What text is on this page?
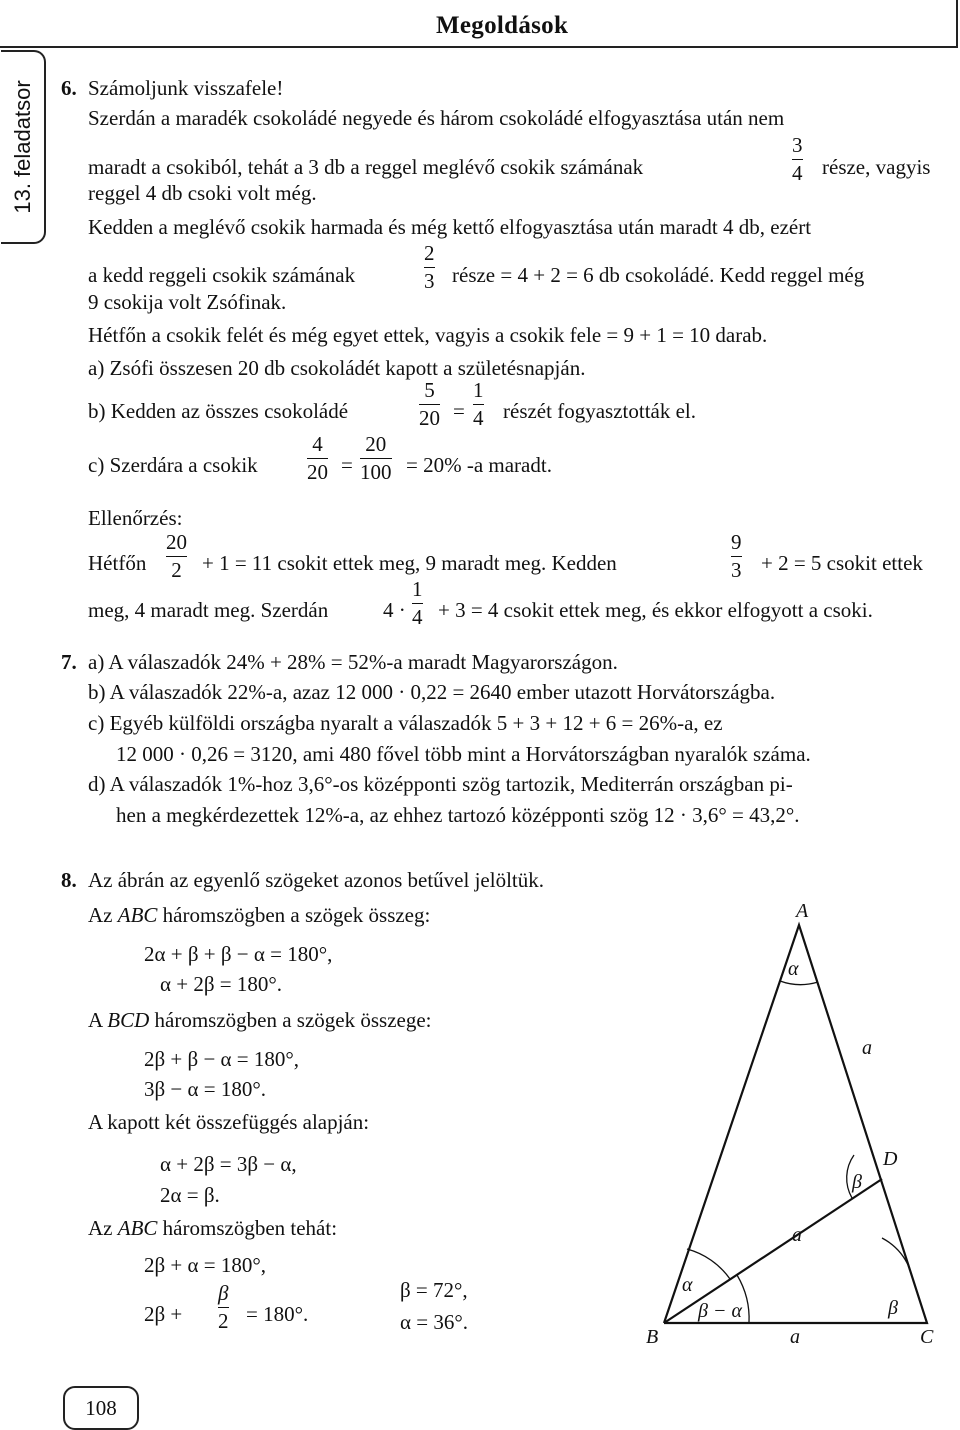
Megoldások
13. feladatsor 6. Számoljunk visszafele!
Szerdán a maradék csokoládé negyede és három csokoládé elfogyasztása után nem
maradt a csokiból, tehát a 3 db a reggel meglévő csokik számának
3
4 része, vagyis
reggel 4 db csoki volt még.
Kedden a meglévő csokik harmada és még kettő elfogyasztása után maradt 4 db, ezért
a kedd reggeli csokik számának
2
3 része = 4 + 2 = 6 db csokoládé. Kedd reggel még
9 csokija volt Zsófinak.
Hétfőn a csokik felét és még egyet ettek, vagyis a csokik fele = 9 + 1 = 10 darab.
a) Zsófi összesen 20 db csokoládét kapott a születésnapján.
b) Kedden az összes csokoládé
5
20 =
1
4 részét fogyasztották el.
c) Szerdára a csokik
4
20 =
20
100 = 20% -a maradt.
Ellenőrzés:
Hétfőn
20
2 + 1 = 11 csokit ettek meg, 9 maradt meg. Kedden
9
3 + 2 = 5 csokit ettek
meg, 4 maradt meg. Szerdán	4 ·
1
4 + 3 = 4 csokit ettek meg, és ekkor elfogyott a csoki.
7. a) A válaszadók 24% + 28% = 52%-a maradt Magyarországon.
b) A válaszadók 22%-a, azaz 12 000 · 0,22 = 2640 ember utazott Horvátországba.
c) Egyéb külföldi országba nyaralt a válaszadók 5 + 3 + 12 + 6 = 26%-a, ez
12 000 · 0,26 = 3120, ami 480 fővel több mint a Horvátországban nyaralók száma.
d) A válaszadók 1%-hoz 3,6°-os középponti szög tartozik, Mediterrán országban pi-
hen a megkérdezettek 12%-a, az ehhez tartozó középponti szög 12 · 3,6° = 43,2°.
8. Az ábrán az egyenlő szögeket azonos betűvel jelöltük.
Az ABC háromszögben a szögek összeg:
2α + β + β − α = 180°,
α + 2β = 180°.
A BCD háromszögben a szögek összege:
2β + β − α = 180°,
3β − α = 180°.
A kapott két összefüggés alapján:
α + 2β = 3β − α,
2α = β.
Az ABC háromszögben tehát:
2β + α = 180°,
2β +
β
2 = 180°.
β = 72°,
α = 36°.
A
B	C
D
α
a
β
a
α
β − α	β
a
108
